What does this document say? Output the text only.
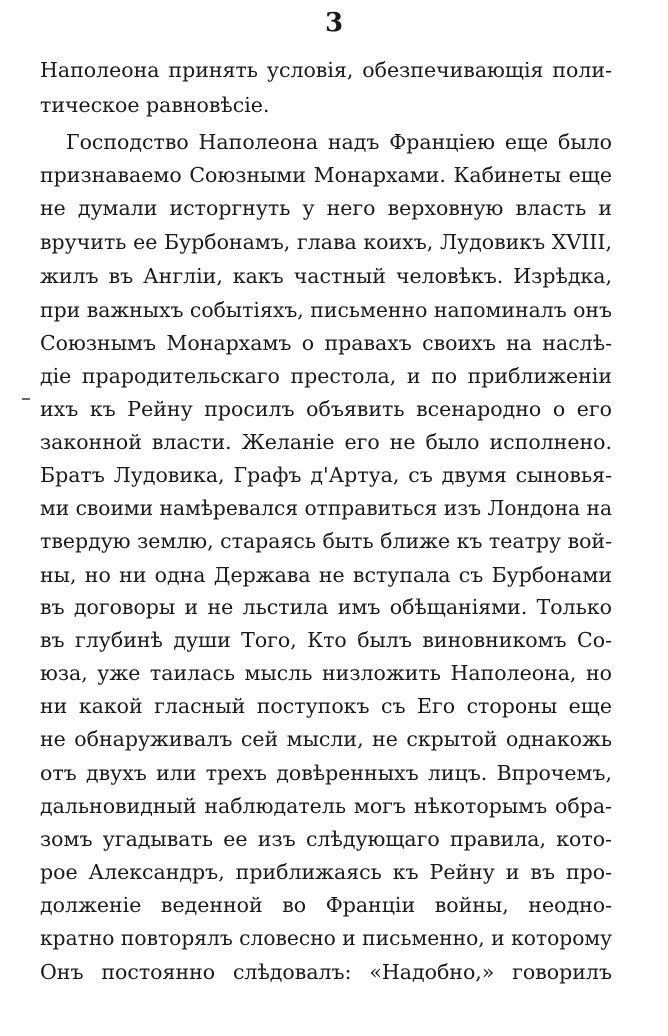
3
Наполеона принять условія, обезпечивающія поли-
тическое равновѣсіе.
Господство Наполеона надъ Франціею еще было
признаваемо Союзными Монархами. Кабинеты еще
не думали исторгнуть у него верховную власть и
вручить ее Бурбонамъ, глава коихъ, Лудовикъ XVIII,
жилъ въ Англіи, какъ частный человѣкъ. Изрѣдка,
при важныхъ событіяхъ, письменно напоминалъ онъ
Союзнымъ Монархамъ о правахъ своихъ на наслѣ-
діе прародительскаго престола, и по приближеніи
ихъ къ Рейну просилъ объявить всенародно о его
законной власти. Желаніе его не было исполнено.
Братъ Лудовика, Графъ д'Артуа, съ двумя сыновья-
ми своими намѣревался отправиться изъ Лондона на
твердую землю, стараясь быть ближе къ театру вой-
ны, но ни одна Держава не вступала съ Бурбонами
въ договоры и не льстила имъ обѣщаніями. Только
въ глубинѣ души Того, Кто былъ виновникомъ Со-
юза, уже таилась мысль низложить Наполеона, но
ни какой гласный поступокъ съ Его стороны еще
не обнаруживалъ сей мысли, не скрытой однакожь
отъ двухъ или трехъ довѣренныхъ лицъ. Впрочемъ,
дальновидный наблюдатель могъ нѣкоторымъ обра-
зомъ угадывать ее изъ слѣдующаго правила, кото-
рое Александръ, приближаясь къ Рейну и въ про-
долженіе веденной во Франціи войны, неодно-
кратно повторялъ словесно и письменно, и которому
Онъ постоянно слѣдовалъ: «Надобно,» говорилъ
